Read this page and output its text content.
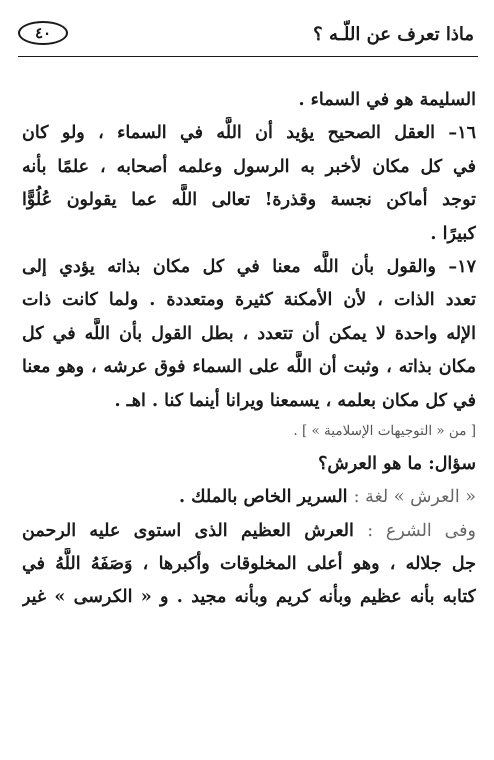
ماذا تعرف عن اللّـه ؟
٤٠
السليمة هو في السماء .
١٦– العقل الصحيح يؤيد أن اللَّه في السماء ، ولو كان
في كل مكان لأخبر به الرسول وعلمه أصحابه ، علمًا بأنه
توجد أماكن نجسة وقذرة! تعالى اللَّه عما يقولون عُلُوًّا
كبيرًا .
١٧– والقول بأن اللَّه معنا في كل مكان بذاته يؤدي إلى
تعدد الذات ، لأن الأمكنة كثيرة ومتعددة . ولما كانت ذات
الإله واحدة لا يمكن أن تتعدد ، بطل القول بأن اللَّه في كل
مكان بذاته ، وثبت أن اللَّه على السماء فوق عرشه ، وهو معنا
في كل مكان بعلمه ، يسمعنا ويرانا أينما كنا . اهـ .
[ من « التوجيهات الإسلامية » ] .
سؤال: ما هو العرش؟
« العرش » لغة : السرير الخاص بالملك .
وفى الشرع : العرش العظيم الذى استوى عليه الرحمن
جل جلاله ، وهو أعلى المخلوقات وأكبرها ، وَصَفَهُ اللَّهُ في
كتابه بأنه عظيم وبأنه كريم وبأنه مجيد . و « الكرسى » غير
